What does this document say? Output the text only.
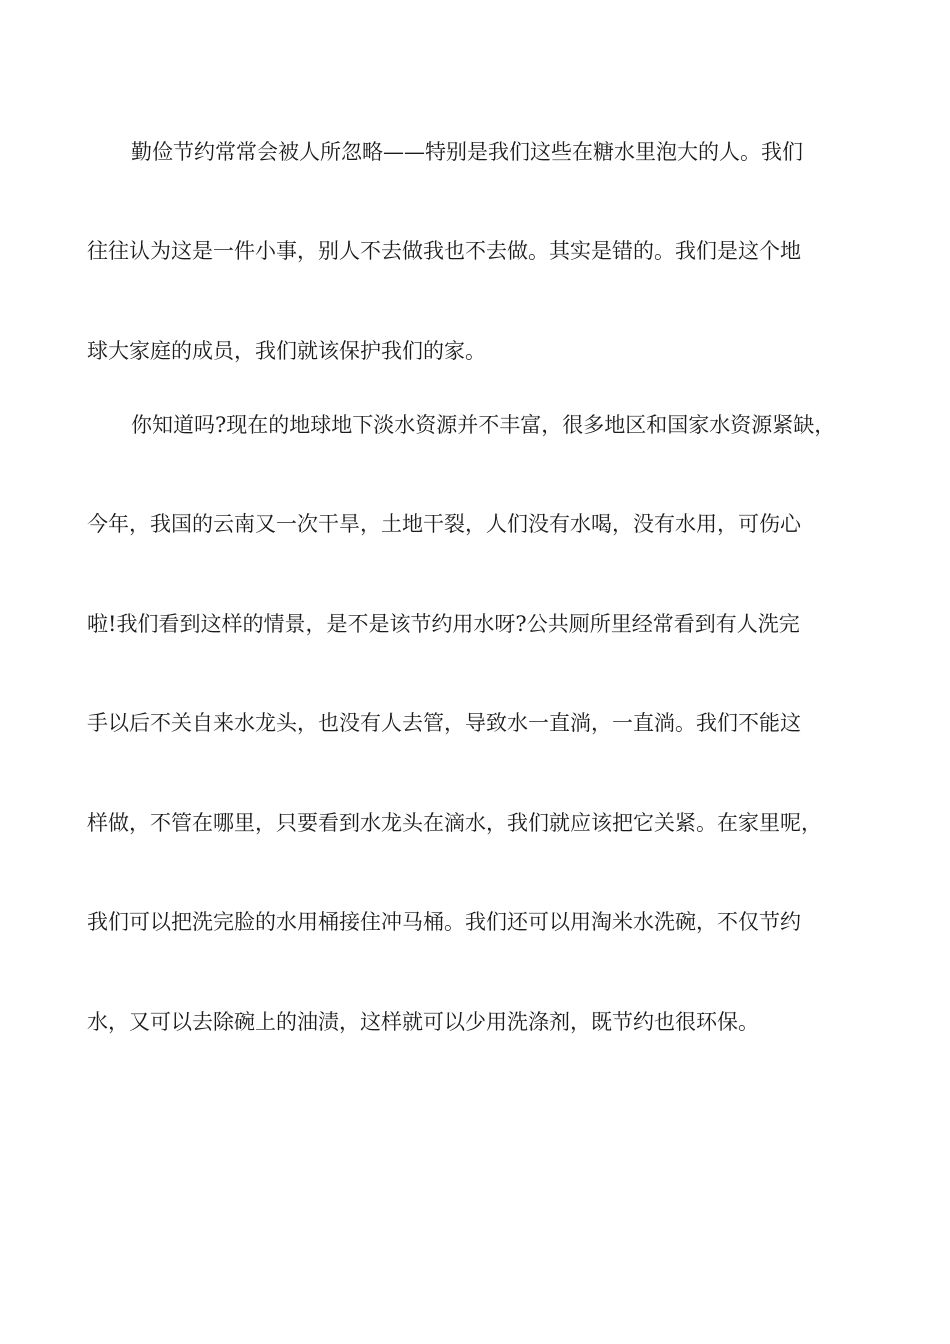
勤俭节约常常会被人所忽略——特别是我们这些在糖水里泡大的人。我们
往往认为这是一件小事，别人不去做我也不去做。其实是错的。我们是这个地
球大家庭的成员，我们就该保护我们的家。
你知道吗?现在的地球地下淡水资源并不丰富，很多地区和国家水资源紧缺，
今年，我国的云南又一次干旱，土地干裂，人们没有水喝，没有水用，可伤心
啦!我们看到这样的情景，是不是该节约用水呀?公共厕所里经常看到有人洗完
手以后不关自来水龙头，也没有人去管，导致水一直淌，一直淌。我们不能这
样做，不管在哪里，只要看到水龙头在滴水，我们就应该把它关紧。在家里呢，
我们可以把洗完脸的水用桶接住冲马桶。我们还可以用淘米水洗碗，不仅节约
水，又可以去除碗上的油渍，这样就可以少用洗涤剂，既节约也很环保。
